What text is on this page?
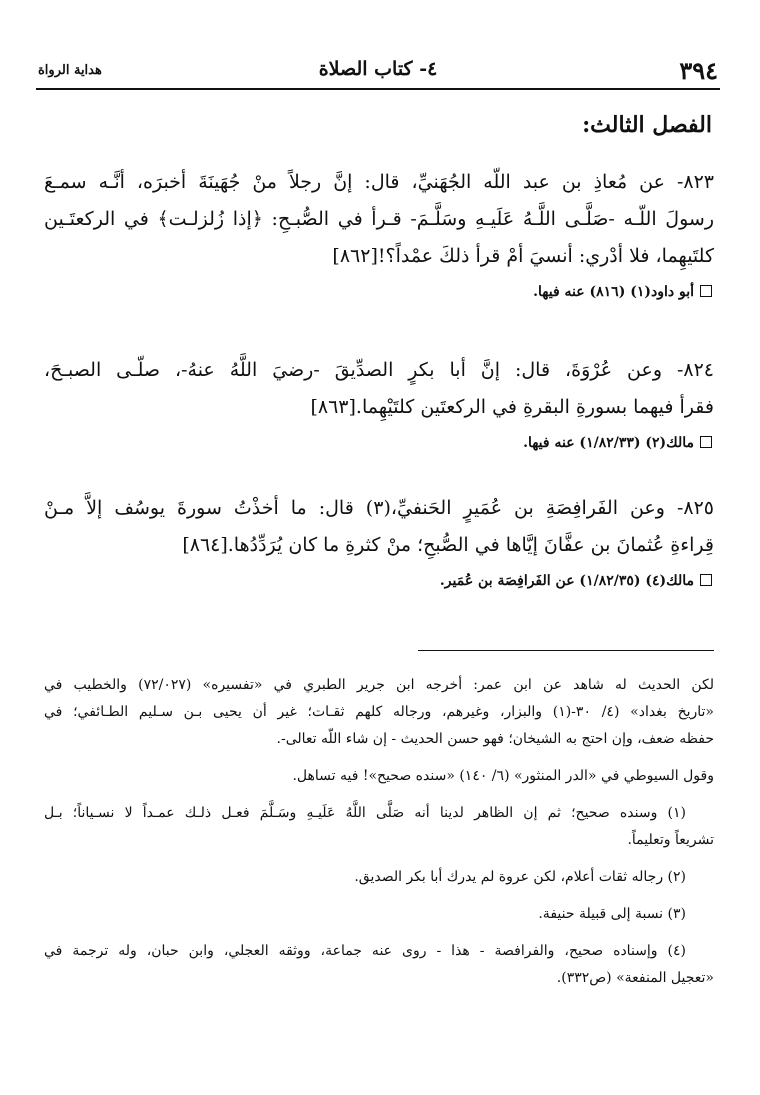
٣٩٤
٤- كتاب الصلاة
هداية الرواة
الفصل الثالث:
٨٢٣- عن مُعاذِ بن عبد اللّه الجُهَنيِّ، قال: إنَّ رجلاً منْ جُهَينَةَ أخبرَه، أنَّـه سمـعَ
رسولَ اللّـه -صَلَّـى اللَّـهُ عَلَيـهِ وسَلَّـمَ- قـرأ في الصُّبـحِ: ﴿إذا زُلزلـت﴾ في الركعتَـين
كلتَيهِما، فلا أدْري: أنسيَ أمْ قرأ ذلكَ عمْداً؟![٨٦٢]
أبو داود(١) (٨١٦) عنه فيها.
٨٢٤- وعن عُرْوَةَ، قال: إنَّ أبا بكرٍ الصدِّيقَ -رضيَ اللَّهُ عنهُ-، صلّـى الصبـحَ،
فقرأ فيهما بسورةِ البقرةِ في الركعتَين كلتَيْهِما.[٨٦٣]
مالك(٢) (١/٨٢/٣٣) عنه فيها.
٨٢٥- وعن الفَرافِصَةِ بن عُمَيرٍ الحَنفيِّ،(٣) قال: ما أخذْتُ سورةَ يوسُف إلاَّ مـنْ
قِراءةِ عُثمانَ بن عفَّانَ إيَّاها في الصُّبحِ؛ منْ كثرةِ ما كان يُرَدِّدُها.[٨٦٤]
مالك(٤) (١/٨٢/٣٥) عن الفَرافِصَة بن عُمَير.
لكن الحديث له شاهد عن ابن عمر: أخرجه ابن جرير الطبري في «تفسيره» (٧٢/٠٢٧) والخطيب في
«تاريخ بغداد» (٤/ ٣٠-(١) والبزار، وغيرهم، ورجاله كلهم ثقـات؛ غير أن يحيى بـن سـليم الطـائفي؛ في
حفظه ضعف، وإن احتج به الشيخان؛ فهو حسن الحديث - إن شاء اللّه تعالى-.
وقول السيوطي في «الدر المنثور» (٦/ ١٤٠) «سنده صحيح»! فيه تساهل.
(١) وسنده صحيح؛ ثم إن الظاهر لدينا أنه صَلَّى اللَّهُ عَلَيـهِ وسَـلَّمَ فعـل ذلـك عمـداً لا نسـياناً؛ بـل
تشريعاً وتعليماً.
(٢) رجاله ثقات أعلام، لكن عروة لم يدرك أبا بكر الصديق.
(٣) نسبة إلى قبيلة حنيفة.
(٤) وإسناده صحيح، والفرافصة - هذا - روى عنه جماعة، ووثقه العجلي، وابن حبان، وله ترجمة في
«تعجيل المنفعة» (ص٣٣٢).
